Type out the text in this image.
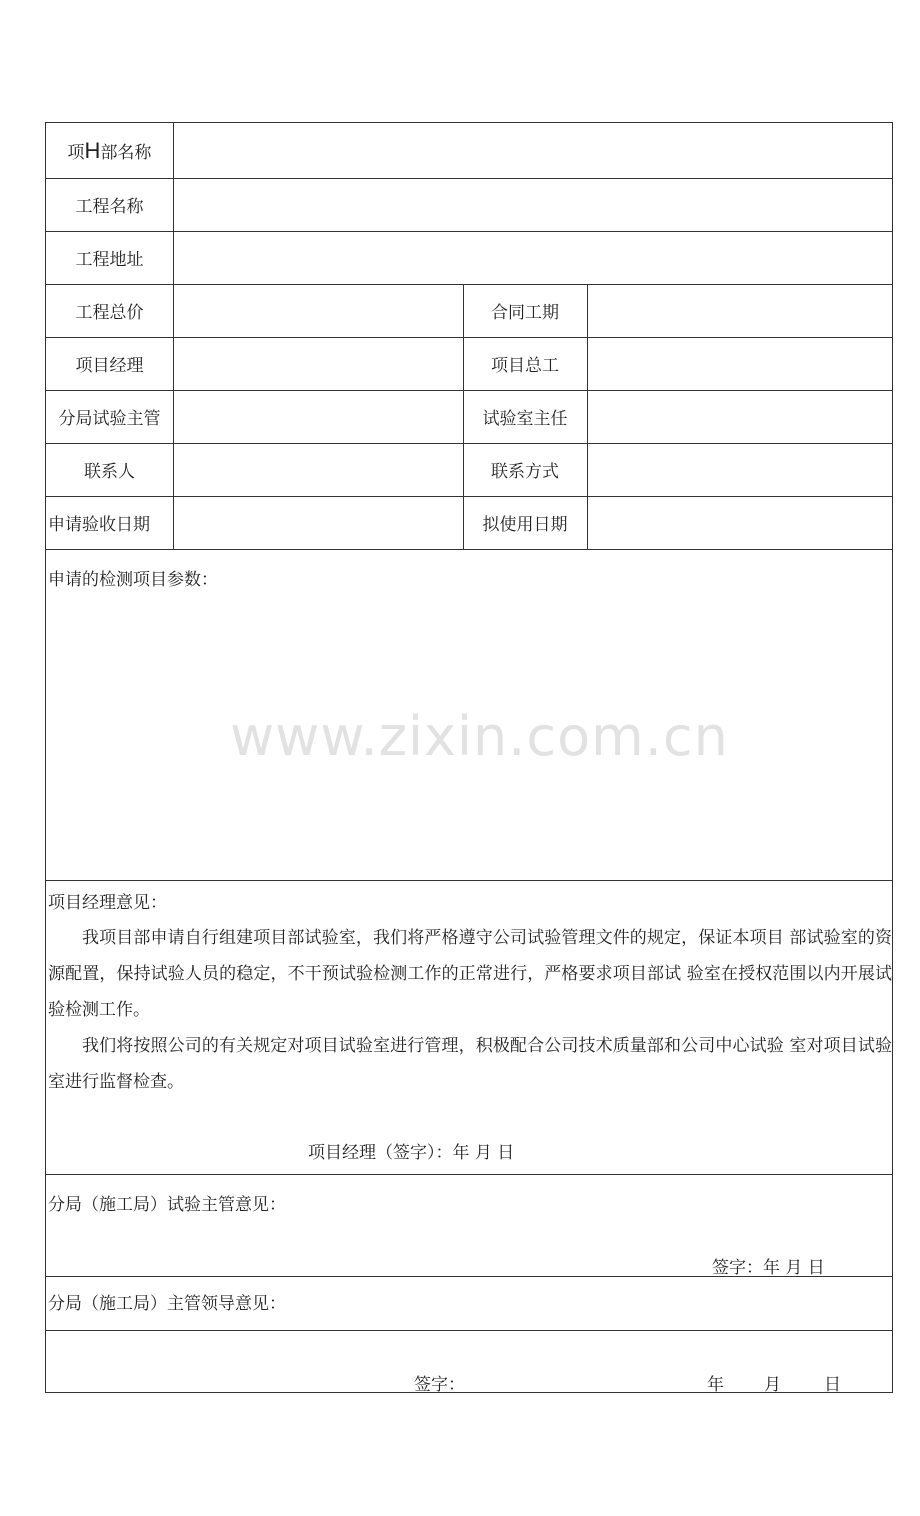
项 H 部名称
工程名称
工程地址
工程总价	合同工期
项目经理	项目总工
分局试验主管	试验室主任
联系人	联系方式
申请验收日期	拟使用日期
申请的检测项目参数：
项目经理意见：

我项目部申请自行组建项目部试验室，我们将严格遵守公司试验管理文件的规定，保证本项目 部试验室的资源配置，保持试验人员的稳定，不干预试验检测工作的正常进行，严格要求项目部试 验室在授权范围以内开展试验检测工作。

我们将按照公司的有关规定对项目试验室进行管理，积极配合公司技术质量部和公司中心试验 室对项目试验室进行监督检查。

项目经理（签字）：年 月 日
分局（施工局）试验主管意见：
签字：年 月 日
分局（施工局）主管领导意见：
签字：	年 月	日
www.zixin.com.cn
